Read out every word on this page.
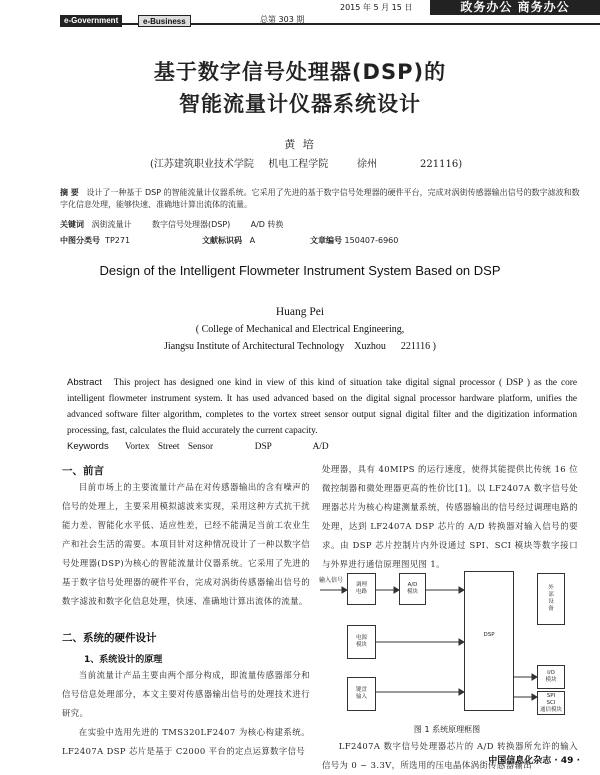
e-Government	e-Business	总第 303 期
2015 年 5 月 15 日	政务办公 商务办公
基于数字信号处理器(DSP)的
智能流量计仪器系统设计
黄 培
(江苏建筑职业技术学院  机电工程学院    徐州      221116)
摘 要 设计了一种基于 DSP 的智能流量计仪器系统。它采用了先进的基于数字信号处理器的硬件平台，完成对涡街传感器输出信号的数字滤波和数字化信息处理，能够快速、准确地计算出流体的流量。
关键词 涡街流量计        数字信号处理器(DSP)        A/D 转换
中图分类号 TP271	文献标识码 A	文章编号 150407-6960
Design of the Intelligent Flowmeter Instrument System Based on DSP
Huang Pei
( College of Mechanical and Electrical Engineering,
Jiangsu Institute of Architectural Technology    Xuzhou      221116 )
Abstract This project has designed one kind in view of this kind of situation take digital signal processor ( DSP ) as the core intelligent flowmeter instrument system. It has used advanced based on the digital signal processor hardware platform, unifies the advanced software filter algorithm, completes to the vortex street sensor output signal digital filter and the digitization information processing, fast, calculates the fluid accurately the current capacity.
Keywords Vortex Street Sensor     DSP     A/D
一、前言
目前市场上的主要流量计产品在对传感器输出的含有噪声的信号的处理上，主要采用模拟滤波来实现，采用这种方式抗干扰能力差、智能化水平低、适应性差，已经不能满足当前工农业生产和社会生活的需要。本项目针对这种情况设计了一种以数字信号处理器(DSP)为核心的智能流量计仪器系统。它采用了先进的基于数字信号处理器的硬件平台，完成对涡街传感器输出信号的数字滤波和数字化信息处理，快速、准确地计算出流体的流量。
二、系统的硬件设计
1、系统设计的原理
当前流量计产品主要由两个部分构成，即流量传感器部分和信号信息处理部分，本文主要对传感器输出信号的处理技术进行研究。
在实验中选用先进的 TMS320LF2407 为核心构建系统。LF2407A DSP 芯片是基于 C2000 平台的定点运算数字信号
处理器，具有 40MIPS 的运行速度，使得其能提供比传统 16 位微控制器和微处理器更高的性价比[1]。以 LF2407A 数字信号处理器芯片为核心构建测量系统，传感器输出的信号经过调理电路的处理，达到 LF2407A DSP 芯片的 A/D 转换器对输入信号的要求。由 DSP 芯片控制片内外设通过 SPI、SCI 模块等数字接口与外界进行通信原理图见图 1。
输入信号
调理
电路
A/D
模块
电源
模块
键盘
输入
DSP
外
部
设
备
I/O
模块
SPI
SCI
通信模块
图 1 系统原理框图
LF2407A 数字信号处理器芯片的 A/D 转换器所允许的输入信号为 0 ~ 3.3V，所选用的压电晶体涡街传感器输出
中国信息化杂志 · 49 ·
